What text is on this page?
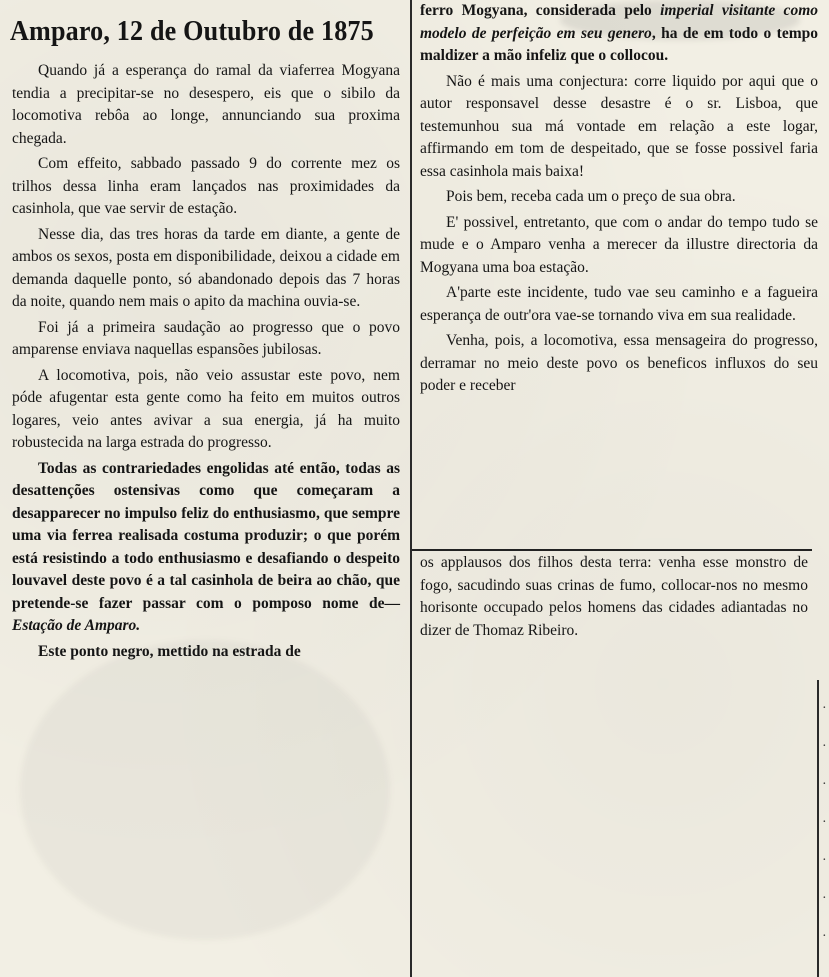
Amparo, 12 de Outubro de 1875

Quando já a esperança do ramal da viaferrea Mogyana tendia a precipitar-se no desespero, eis que o sibilo da locomotiva rebôa ao longe, annunciando sua proxima chegada.

Com effeito, sabbado passado 9 do corrente mez os trilhos dessa linha eram lançados nas proximidades da casinhola, que vae servir de estação.

Nesse dia, das tres horas da tarde em diante, a gente de ambos os sexos, posta em disponibilidade, deixou a cidade em demanda daquelle ponto, só abandonado depois das 7 horas da noite, quando nem mais o apito da machina ouvia-se.

Foi já a primeira saudação ao progresso que o povo amparense enviava naquellas espansões jubilosas.

A locomotiva, pois, não veio assustar este povo, nem póde afugentar esta gente como ha feito em muitos outros logares, veio antes avivar a sua energia, já ha muito robustecida na larga estrada do progresso.

Todas as contrariedades engolidas até então, todas as desattenções ostensivas como que começaram a desapparecer no impulso feliz do enthusiasmo, que sempre uma via ferrea realisada costuma produzir; o que porém está resistindo a todo enthusiasmo e desafiando o despeito louvavel deste povo é a tal casinhola de beira ao chão, que pretende-se fazer passar com o pomposo nome de—Estação de Amparo.

Este ponto negro, mettido na estrada de

ferro Mogyana, considerada pelo imperial visitante como modelo de perfeição em seu genero, ha de em todo o tempo maldizer a mão infeliz que o collocou.

Não é mais uma conjectura: corre liquido por aqui que o autor responsavel desse desastre é o sr. Lisboa, que testemunhou sua má vontade em relação a este logar, affirmando em tom de despeitado, que se fosse possivel faria essa casinhola mais baixa!

Pois bem, receba cada um o preço de sua obra.

E' possivel, entretanto, que com o andar do tempo tudo se mude e o Amparo venha a merecer da illustre directoria da Mogyana uma boa estação.

A'parte este incidente, tudo vae seu caminho e a fagueira esperança de outr'ora vae-se tornando viva em sua realidade.

Venha, pois, a locomotiva, essa mensageira do progresso, derramar no meio deste povo os beneficos influxos do seu poder e receber

os applausos dos filhos desta terra: venha esse monstro de fogo, sacudindo suas crinas de fumo, collocar-nos no mesmo horisonte occupado pelos homens das cidades adiantadas no dizer de Thomaz Ribeiro.

·
·
·
·
·
·
·
